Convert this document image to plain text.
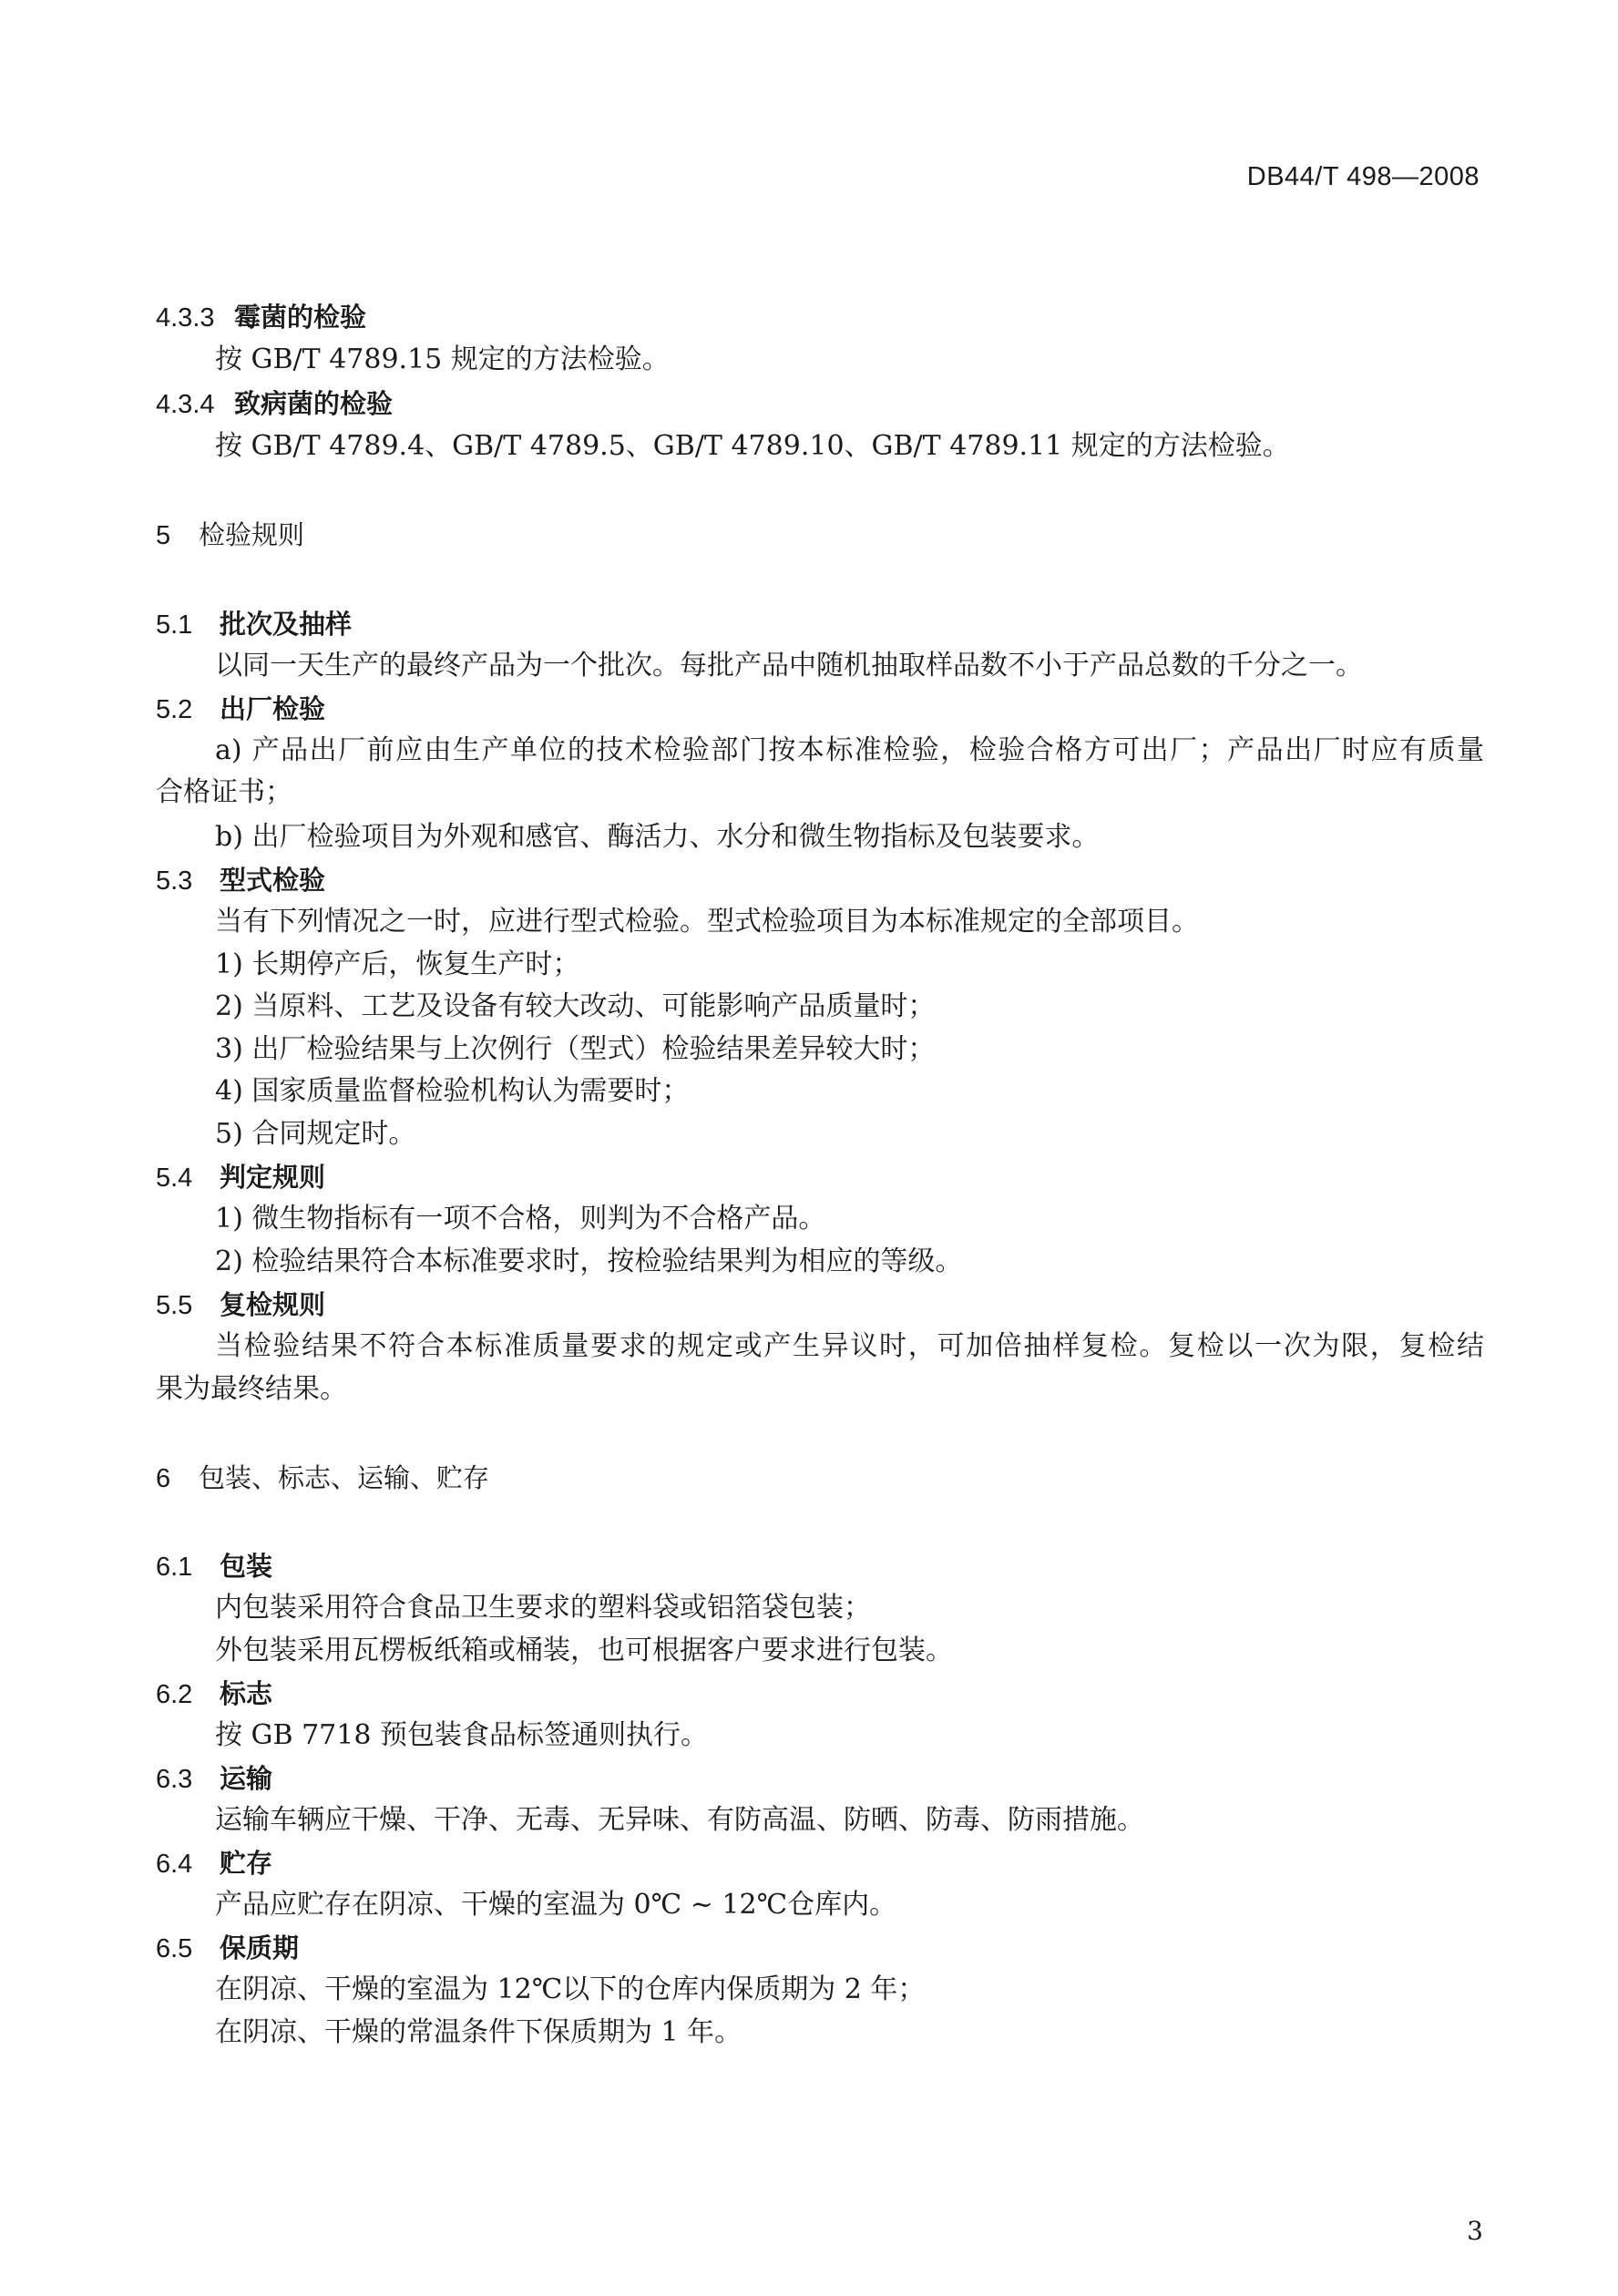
DB44/T 498—2008
4.3.3 霉菌的检验
按 GB/T 4789.15 规定的方法检验。
4.3.4 致病菌的检验
按 GB/T 4789.4、GB/T 4789.5、GB/T 4789.10、GB/T 4789.11 规定的方法检验。
5 检验规则
5.1 批次及抽样
以同一天生产的最终产品为一个批次。每批产品中随机抽取样品数不小于产品总数的千分之一。
5.2 出厂检验
a) 产品出厂前应由生产单位的技术检验部门按本标准检验，检验合格方可出厂；产品出厂时应有质量
合格证书；
b) 出厂检验项目为外观和感官、酶活力、水分和微生物指标及包装要求。
5.3 型式检验
当有下列情况之一时，应进行型式检验。型式检验项目为本标准规定的全部项目。
1) 长期停产后，恢复生产时；
2) 当原料、工艺及设备有较大改动、可能影响产品质量时；
3) 出厂检验结果与上次例行（型式）检验结果差异较大时；
4) 国家质量监督检验机构认为需要时；
5) 合同规定时。
5.4 判定规则
1) 微生物指标有一项不合格，则判为不合格产品。
2) 检验结果符合本标准要求时，按检验结果判为相应的等级。
5.5 复检规则
当检验结果不符合本标准质量要求的规定或产生异议时，可加倍抽样复检。复检以一次为限，复检结
果为最终结果。
6 包装、标志、运输、贮存
6.1 包装
内包装采用符合食品卫生要求的塑料袋或铝箔袋包装；
外包装采用瓦楞板纸箱或桶装，也可根据客户要求进行包装。
6.2 标志
按 GB 7718 预包装食品标签通则执行。
6.3 运输
运输车辆应干燥、干净、无毒、无异味、有防高温、防晒、防毒、防雨措施。
6.4 贮存
产品应贮存在阴凉、干燥的室温为 0℃ ~ 12℃仓库内。
6.5 保质期
在阴凉、干燥的室温为 12℃以下的仓库内保质期为 2 年；
在阴凉、干燥的常温条件下保质期为 1 年。
3
